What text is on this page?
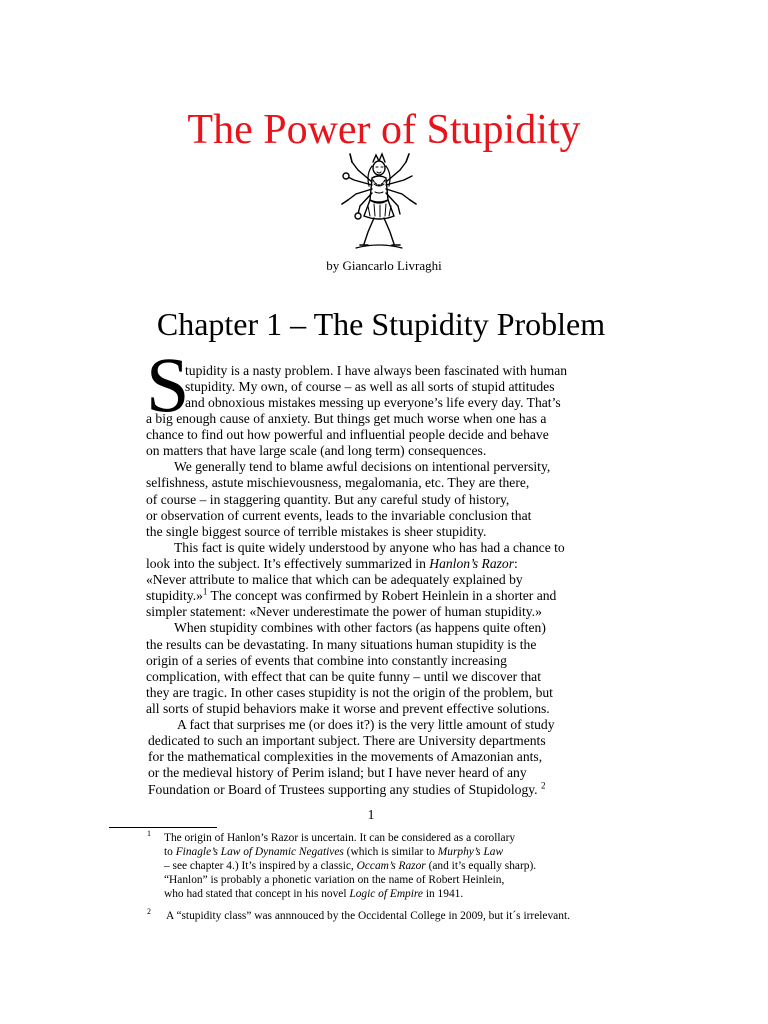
The Power of Stupidity
by Giancarlo Livraghi
Chapter 1 – The Stupidity Problem
S
tupidity is a nasty problem. I have always been fascinated with human
stupidity. My own, of course – as well as all sorts of stupid attitudes
and obnoxious mistakes messing up everyone’s life every day. That’s
a big enough cause of anxiety. But things get much worse when one has a
chance to find out how powerful and influential people decide and behave
on matters that have large scale (and long term) consequences.
We generally tend to blame awful decisions on intentional perversity,
selfishness, astute mischievousness, megalomania, etc. They are there,
of course – in staggering quantity. But any careful study of history,
or observation of current events, leads to the invariable conclusion that
the single biggest source of terrible mistakes is sheer stupidity.
This fact is quite widely understood by anyone who has had a chance to
look into the subject. It’s effectively summarized in Hanlon’s Razor:
«Never attribute to malice that which can be adequately explained by
stupidity.»$^1$ The concept was confirmed by Robert Heinlein in a shorter and
simpler statement: «Never underestimate the power of human stupidity.»
When stupidity combines with other factors (as happens quite often)
the results can be devastating. In many situations human stupidity is the
origin of a series of events that combine into constantly increasing
complication, with effect that can be quite funny – until we discover that
they are tragic. In other cases stupidity is not the origin of the problem, but
all sorts of stupid behaviors make it worse and prevent effective solutions.
A fact that surprises me (or does it?) is the very little amount of study
dedicated to such an important subject. There are University departments
for the mathematical complexities in the movements of Amazonian ants,
or the medieval history of Perim island; but I have never heard of any
Foundation or Board of Trustees supporting any studies of Stupidology. $^2$
1
1 The origin of Hanlon’s Razor is uncertain. It can be considered as a corollary
to Finagle’s Law of Dynamic Negatives (which is similar to Murphy’s Law
– see chapter 4.) It’s inspired by a classic, Occam’s Razor (and it’s equally sharp).
“Hanlon” is probably a phonetic variation on the name of Robert Heinlein,
who had stated that concept in his novel Logic of Empire in 1941.
2 A “stupidity class” was annnouced by the Occidental College in 2009, but it´s irrelevant.
